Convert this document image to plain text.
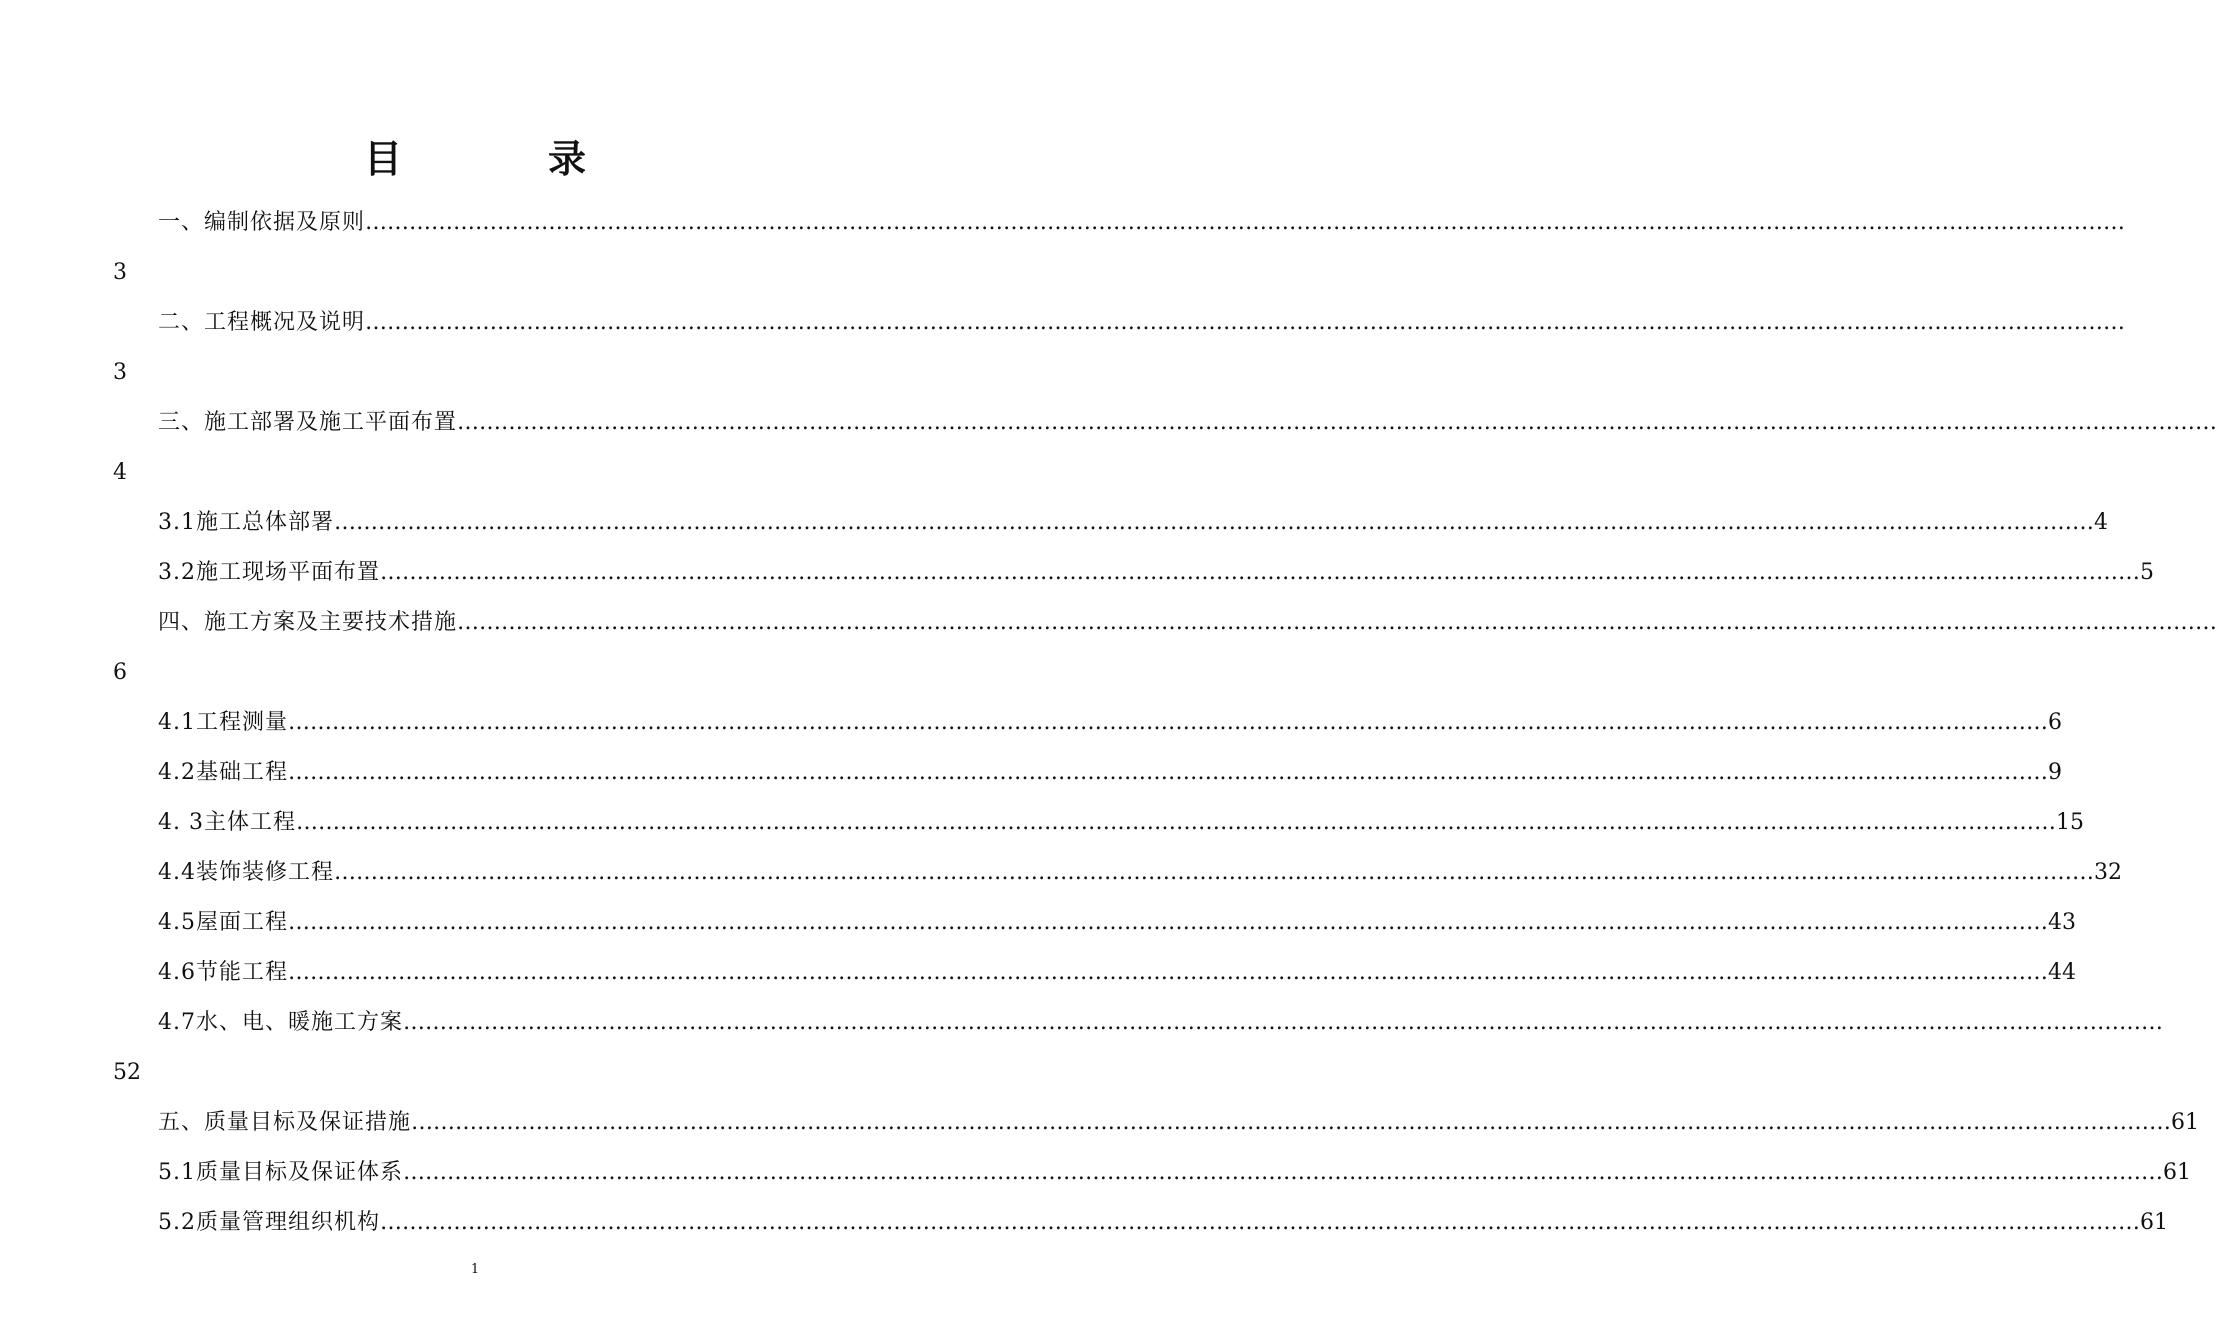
目　录
一、编制依据及原则 ……………………………………………………………………………………………………………………………………………………………………………………………………………………
3
二、工程概况及说明 ……………………………………………………………………………………………………………………………………………………………………………………………………………………
3
三、施工部署及施工平面布置 ……………………………………………………………………………………………………………………………………………………………………………………………………………………
4
3.1施工总体部署 …………………………………………………………………………………………………………………………………………………………………………………………………………………… 4
3.2施工现场平面布置 …………………………………………………………………………………………………………………………………………………………………………………………………………………… 5
四、施工方案及主要技术措施 ……………………………………………………………………………………………………………………………………………………………………………………………………………………
6
4.1工程测量 …………………………………………………………………………………………………………………………………………………………………………………………………………………… 6
4.2基础工程 …………………………………………………………………………………………………………………………………………………………………………………………………………………… 9
4. 3主体工程 …………………………………………………………………………………………………………………………………………………………………………………………………………………… 15
4.4装饰装修工程 …………………………………………………………………………………………………………………………………………………………………………………………………………………… 32
4.5屋面工程 …………………………………………………………………………………………………………………………………………………………………………………………………………………… 43
4.6节能工程 …………………………………………………………………………………………………………………………………………………………………………………………………………………… 44
4.7水、电、暖施工方案 ……………………………………………………………………………………………………………………………………………………………………………………………………………………
52
五、质量目标及保证措施 …………………………………………………………………………………………………………………………………………………………………………………………………………………… 61
5.1质量目标及保证体系 …………………………………………………………………………………………………………………………………………………………………………………………………………………… 61
5.2质量管理组织机构 …………………………………………………………………………………………………………………………………………………………………………………………………………………… 61
1
